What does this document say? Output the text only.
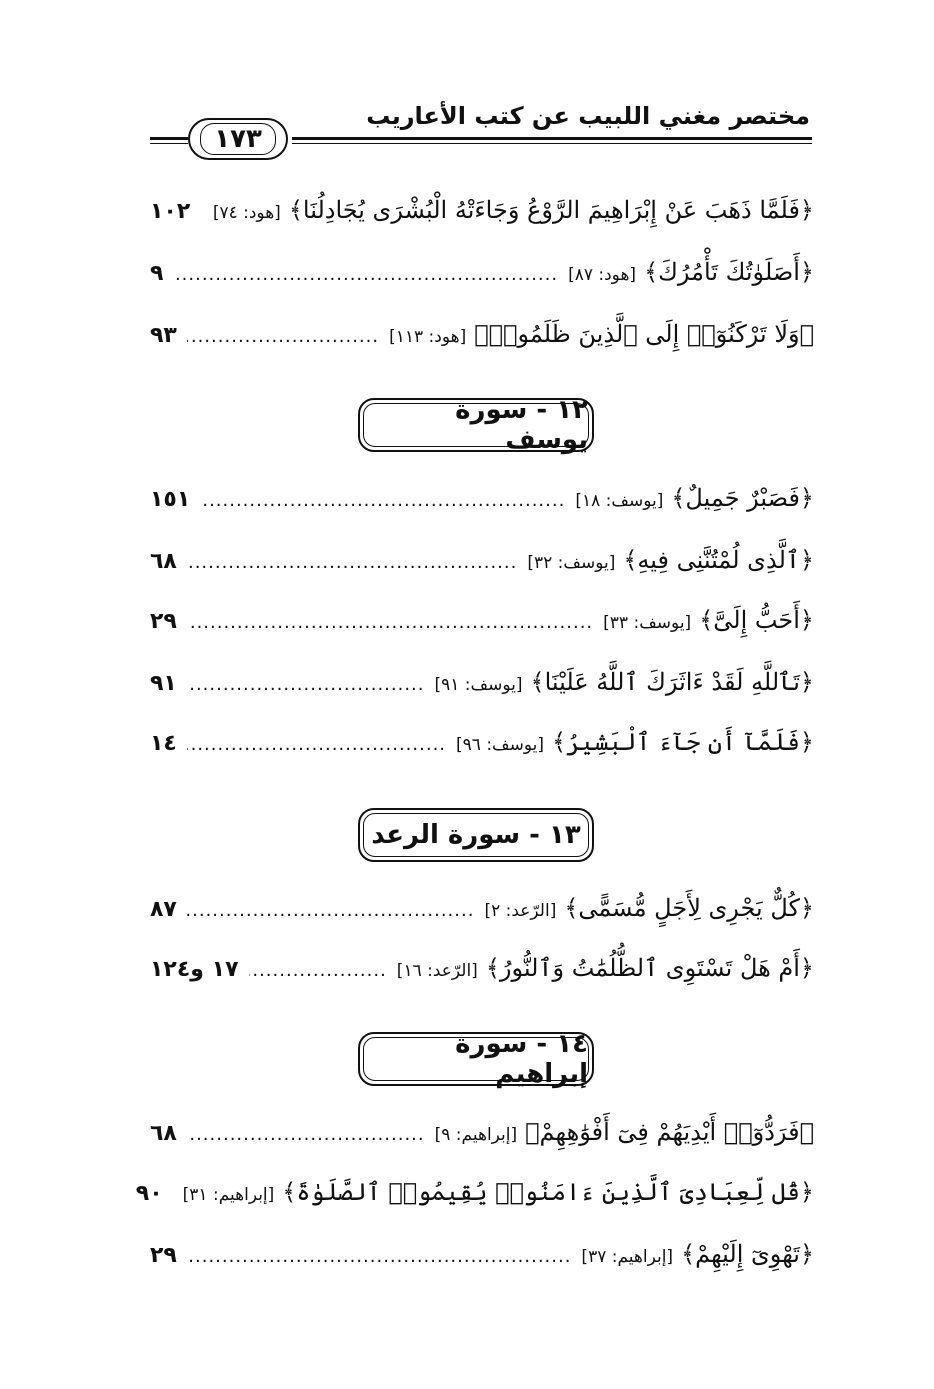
مختصر مغني اللبيب عن كتب الأعاريب
١٧٣
﴿فَلَمَّا ذَهَبَ عَنْ إِبْرَاهِيمَ الرَّوْعُ وَجَاءَتْهُ الْبُشْرَى يُجَادِلُنَا﴾
[هود: ٧٤]
.....
١٠٢
﴿أَصَلَوٰتُكَ تَأْمُرُكَ﴾
[هود: ٨٧]
.....
٩
﴿وَلَا تَرْكَنُوٓا۟ إِلَى ٱلَّذِينَ ظَلَمُوا۟﴾
[هود: ١١٣]
.....
٩٣
١٢ - سورة يوسف
﴿فَصَبْرٌ جَمِيلٌ﴾
[يوسف: ١٨]
.....
١٥١
﴿ٱلَّذِى لُمْتُنَّنِى فِيهِ﴾
[يوسف: ٣٢]
.....
٦٨
﴿أَحَبُّ إِلَىَّ﴾
[يوسف: ٣٣]
.....
٢٩
﴿تَٱللَّهِ لَقَدْ ءَاثَرَكَ ٱللَّهُ عَلَيْنَا﴾
[يوسف: ٩١]
.....
٩١
﴿فَلَمَّآ أَن جَآءَ ٱلْبَشِيرُ﴾
[يوسف: ٩٦]
.....
١٤
١٣ - سورة الرعد
﴿كُلٌّ يَجْرِى لِأَجَلٍ مُّسَمًّى﴾
[الرّعد: ٢]
.....
٨٧
﴿أَمْ هَلْ تَسْتَوِى ٱلظُّلُمَٰتُ وَٱلنُّورُ﴾
[الرّعد: ١٦]
.....
١٧ و١٢٤
١٤ - سورة إبراهيم
﴿فَرَدُّوٓا۟ أَيْدِيَهُمْ فِىٓ أَفْوَٰهِهِمْ﴾
[إبراهيم: ٩]
.....
٦٨
﴿قُل لِّعِبَادِىَ ٱلَّذِينَ ءَامَنُوا۟ يُقِيمُوا۟ ٱلصَّلَوٰةَ﴾
[إبراهيم: ٣١]
٩٠
﴿تَهْوِىٓ إِلَيْهِمْ﴾
[إبراهيم: ٣٧]
.....
٢٩
